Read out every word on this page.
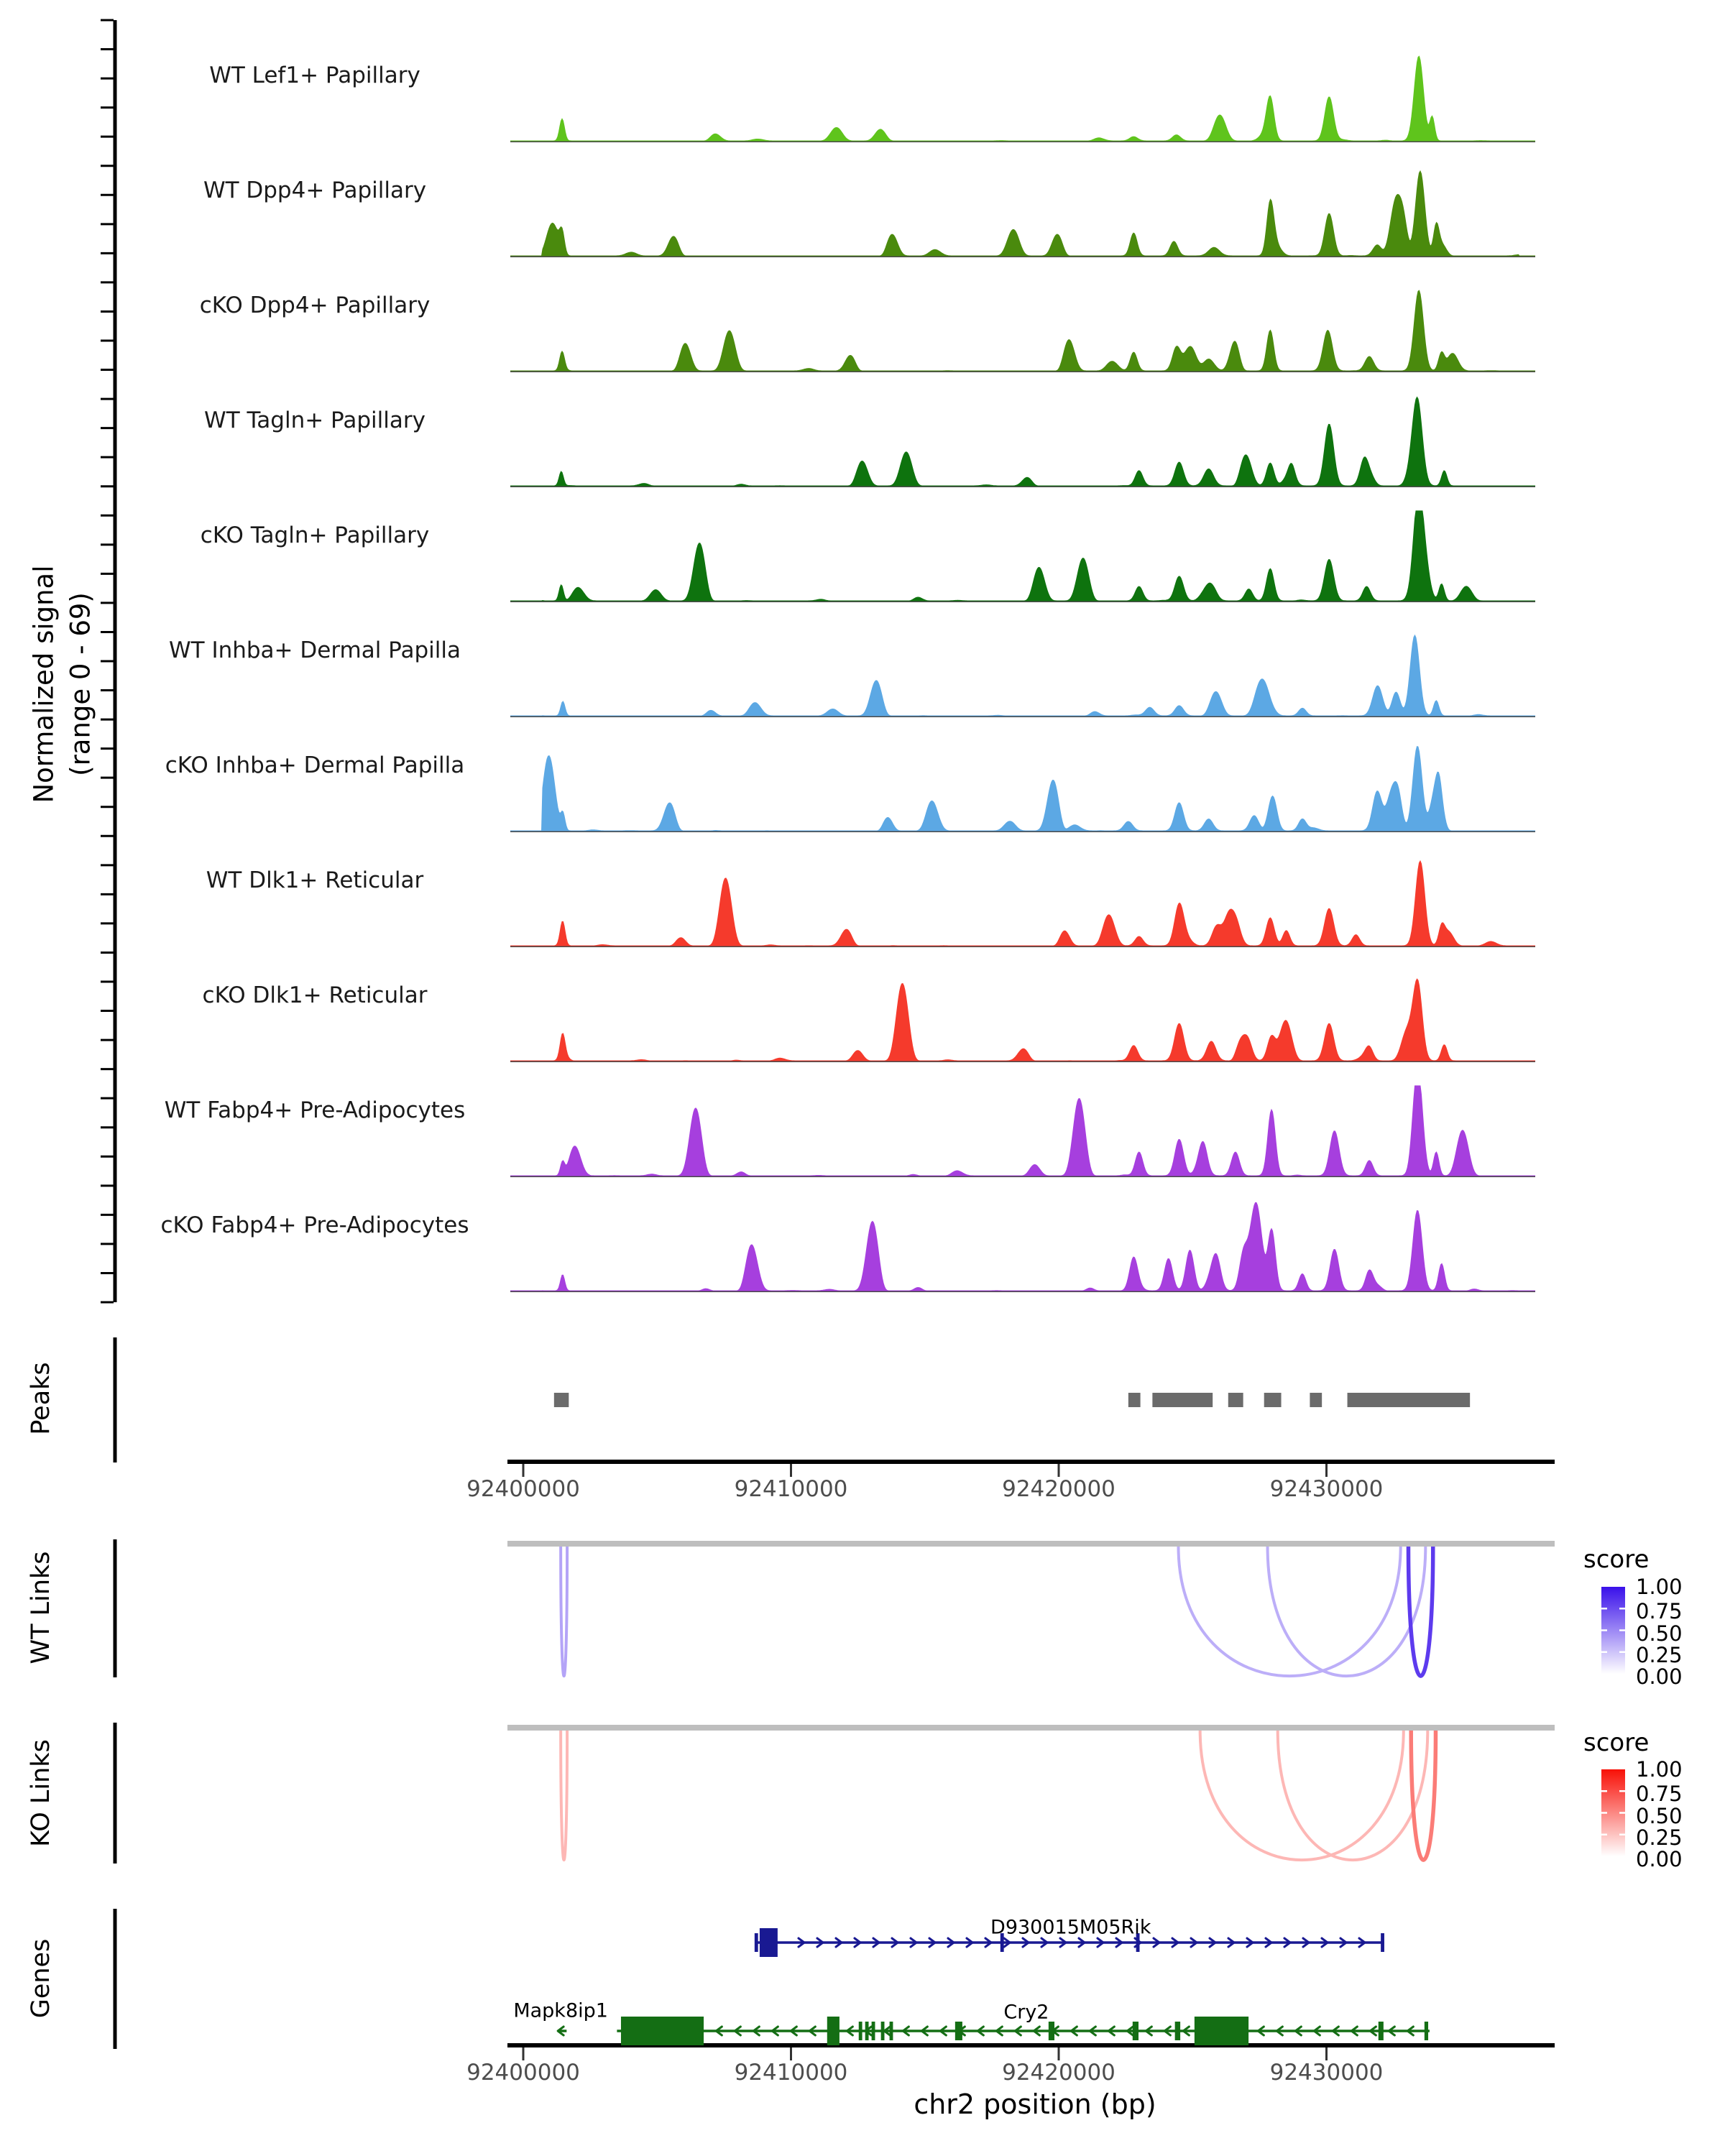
Normalized signal (range 0 - 69)
Peaks
WT Links
KO Links
Genes
WT Lef1+ Papillary
WT Dpp4+ Papillary
cKO Dpp4+ Papillary
WT Tagln+ Papillary
cKO Tagln+ Papillary
WT Inhba+ Dermal Papilla
cKO Inhba+ Dermal Papilla
WT Dlk1+ Reticular
cKO Dlk1+ Reticular
WT Fabp4+ Pre-Adipocytes
cKO Fabp4+ Pre-Adipocytes
92400000	92410000	92420000	92430000
92400000	92410000	92420000	92430000
score
1.00
0.75
0.50
0.25
0.00
score
1.00
0.75
0.50
0.25
0.00
D930015M05Rik
Cry2
Mapk8ip1
chr2 position (bp)
